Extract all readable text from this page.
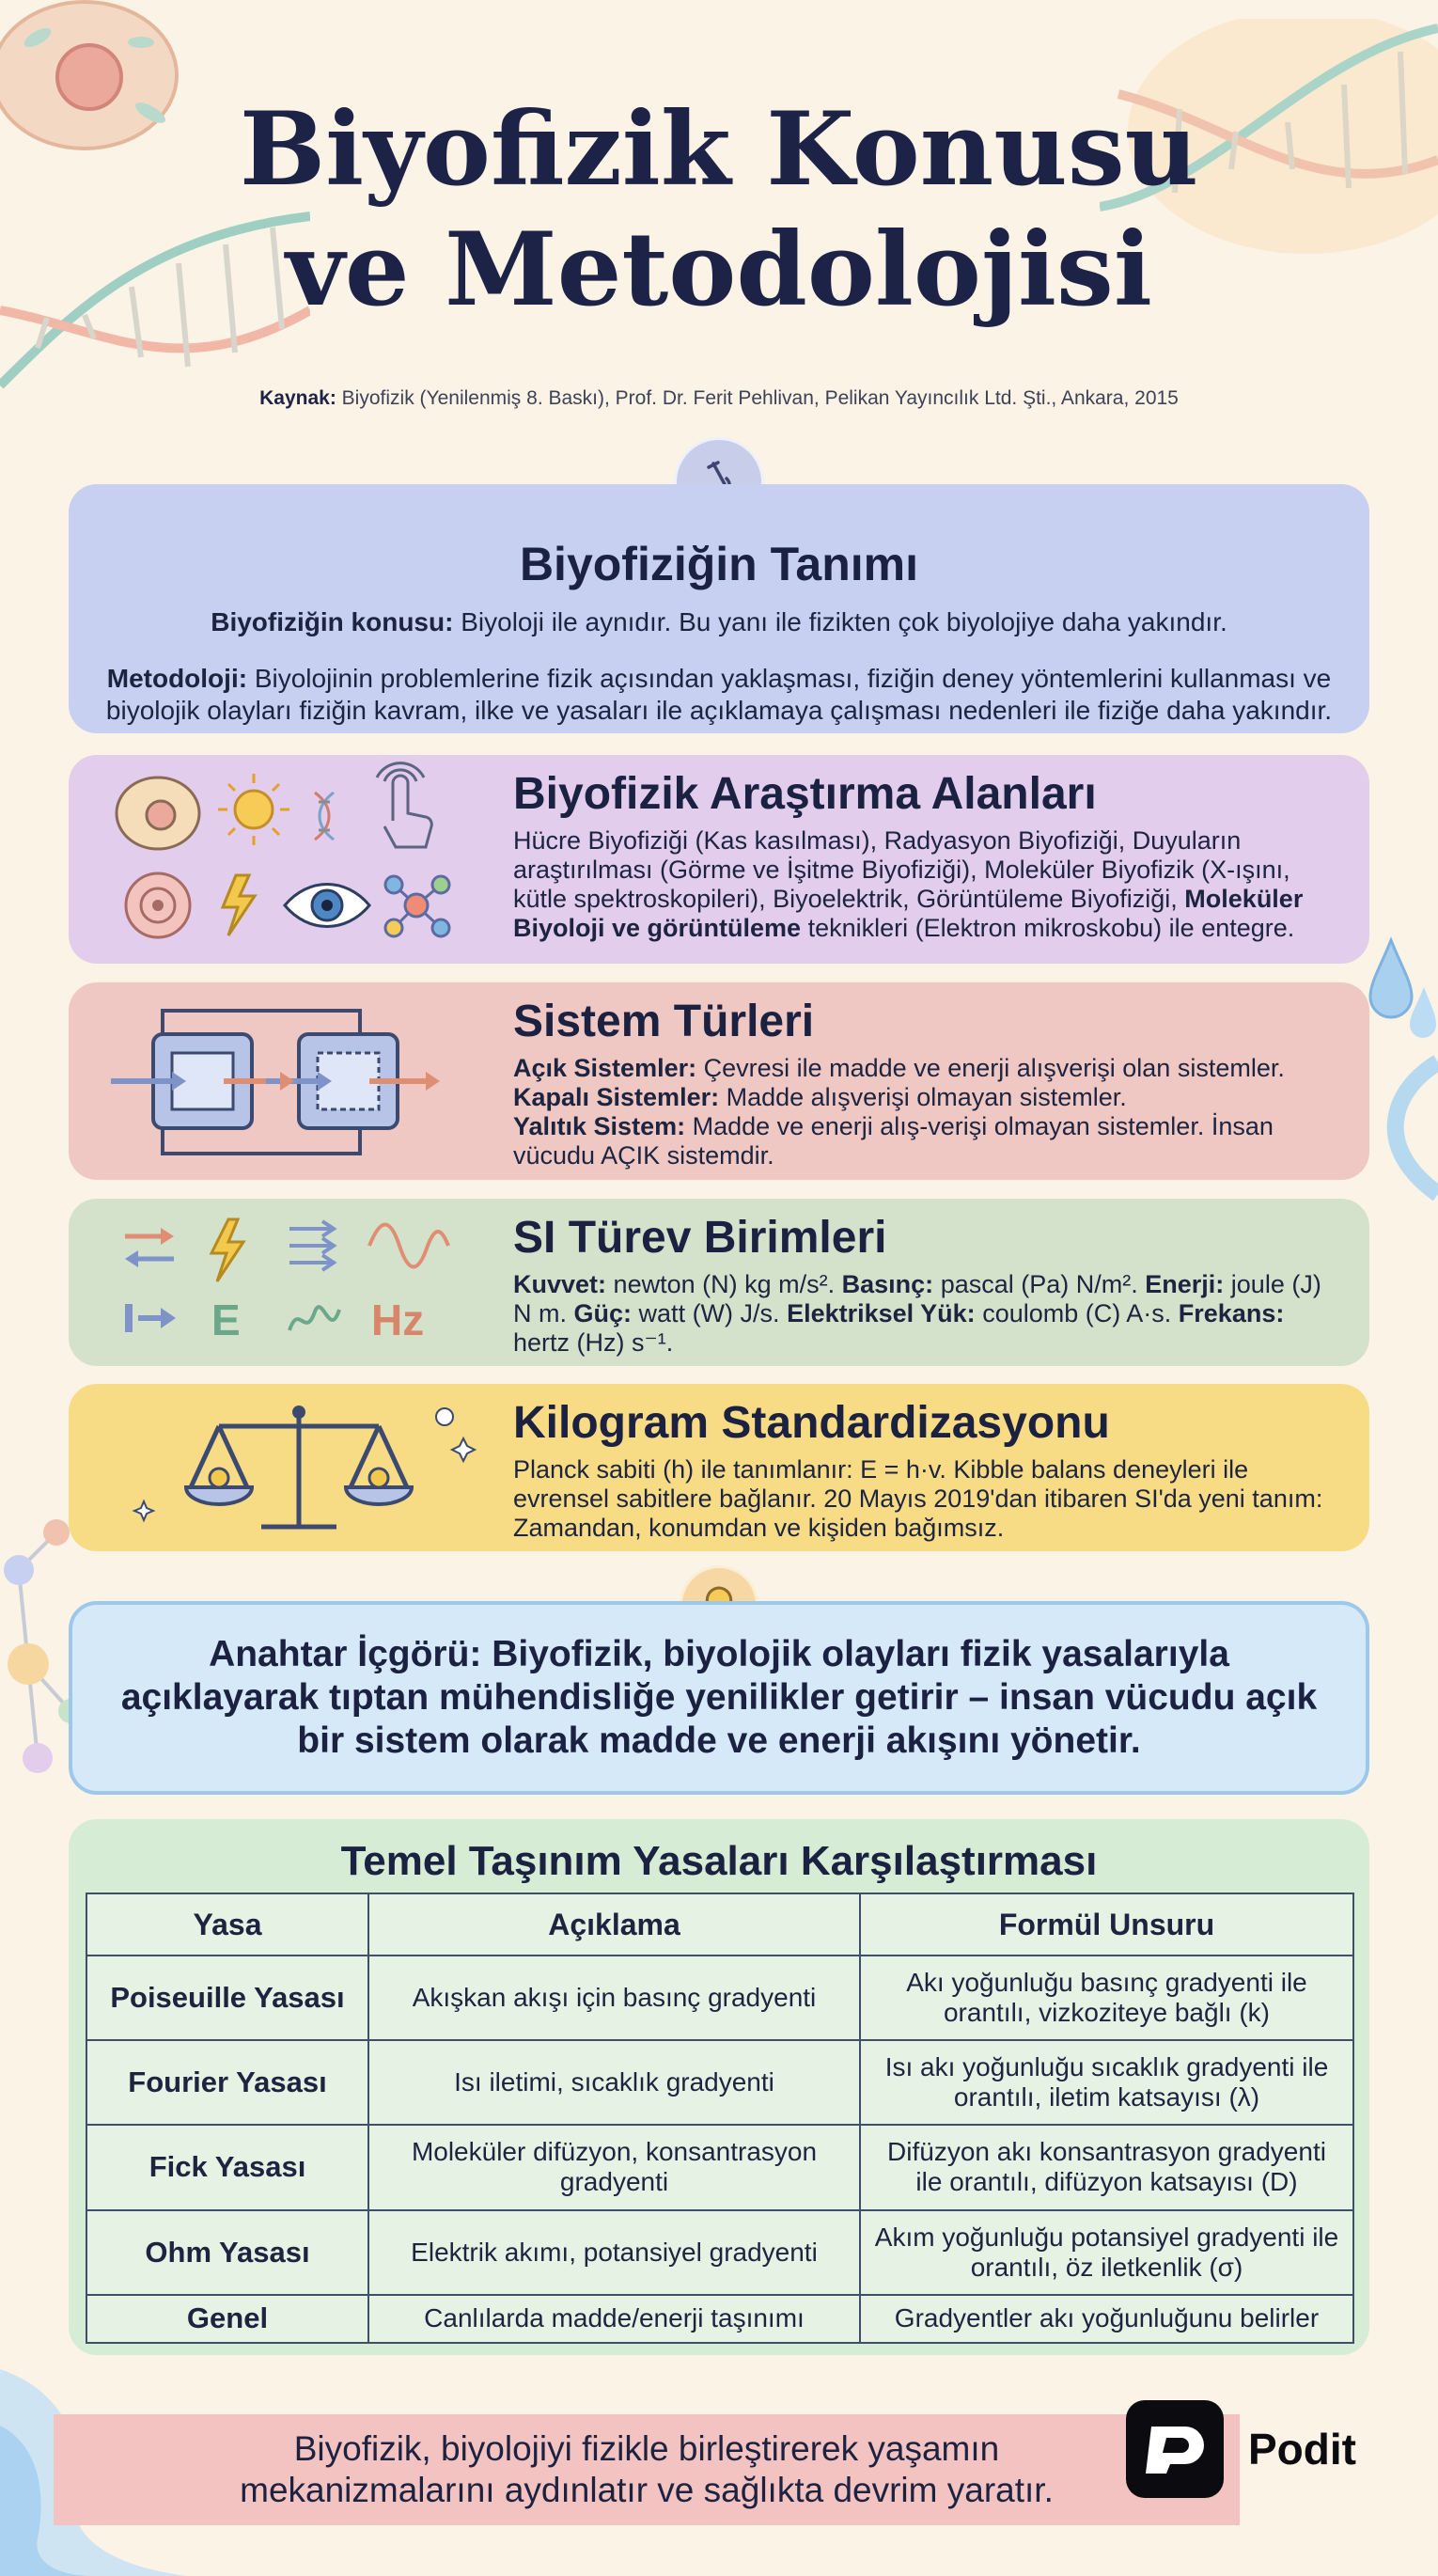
Biyofizik Konusu
ve Metodolojisi
Kaynak: Biyofizik (Yenilenmiş 8. Baskı), Prof. Dr. Ferit Pehlivan, Pelikan Yayıncılık Ltd. Şti., Ankara, 2015
Biyofiziğin Tanımı

Biyofiziğin konusu: Biyoloji ile aynıdır. Bu yanı ile fizikten çok biyolojiye daha yakındır.

Metodoloji: Biyolojinin problemlerine fizik açısından yaklaşması, fiziğin deney yöntemlerini kullanması ve biyolojik olayları fiziğin kavram, ilke ve yasaları ile açıklamaya çalışması nedenleri ile fiziğe daha yakındır.

Biyofizik Araştırma Alanları

Hücre Biyofiziği (Kas kasılması), Radyasyon Biyofiziği, Duyuların araştırılması (Görme ve İşitme Biyofiziği), Moleküler Biyofizik (X-ışını, kütle spektroskopileri), Biyoelektrik, Görüntüleme Biyofiziği, Moleküler Biyoloji ve görüntüleme teknikleri (Elektron mikroskobu) ile entegre.

Sistem Türleri

Açık Sistemler: Çevresi ile madde ve enerji alışverişi olan sistemler.
Kapalı Sistemler: Madde alışverişi olmayan sistemler.
Yalıtık Sistem: Madde ve enerji alış-verişi olmayan sistemler. İnsan vücudu AÇIK sistemdir.

E	Hz
SI Türev Birimleri

Kuvvet: newton (N) kg m/s². Basınç: pascal (Pa) N/m². Enerji: joule (J) N m. Güç: watt (W) J/s. Elektriksel Yük: coulomb (C) A·s. Frekans: hertz (Hz) s⁻¹.

Kilogram Standardizasyonu

Planck sabiti (h) ile tanımlanır: E = h·v. Kibble balans deneyleri ile evrensel sabitlere bağlanır. 20 Mayıs 2019'dan itibaren SI'da yeni tanım: Zamandan, konumdan ve kişiden bağımsız.

Anahtar İçgörü: Biyofizik, biyolojik olayları fizik yasalarıyla açıklayarak tıptan mühendisliğe yenilikler getirir – insan vücudu açık bir sistem olarak madde ve enerji akışını yönetir.
Temel Taşınım Yasaları Karşılaştırması
Yasa	Açıklama	Formül Unsuru
Poiseuille Yasası	Akışkan akışı için basınç gradyenti	Akı yoğunluğu basınç gradyenti ile orantılı, vizkoziteye bağlı (k)
Fourier Yasası	Isı iletimi, sıcaklık gradyenti	Isı akı yoğunluğu sıcaklık gradyenti ile orantılı, iletim katsayısı (λ)
Fick Yasası	Moleküler difüzyon, konsantrasyon gradyenti	Difüzyon akı konsantrasyon gradyenti ile orantılı, difüzyon katsayısı (D)
Ohm Yasası	Elektrik akımı, potansiyel gradyenti	Akım yoğunluğu potansiyel gradyenti ile orantılı, öz iletkenlik (σ)
Genel	Canlılarda madde/enerji taşınımı	Gradyentler akı yoğunluğunu belirler
Biyofizik, biyolojiyi fizikle birleştirerek yaşamın
mekanizmalarını aydınlatır ve sağlıkta devrim yaratır.
Podit
